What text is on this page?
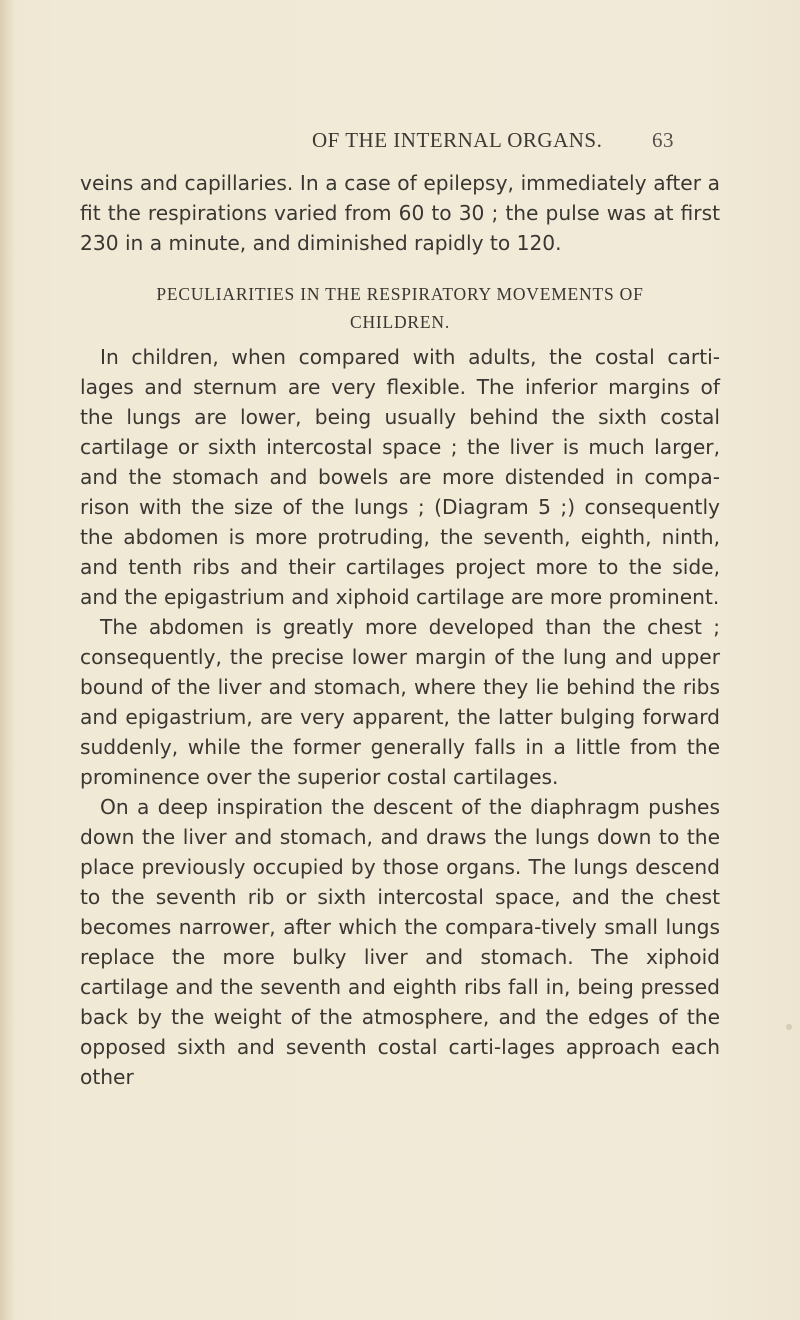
OF THE INTERNAL ORGANS. 63

veins and capillaries. In a case of epilepsy, immediately after a fit the respirations varied from 60 to 30 ; the pulse was at first 230 in a minute, and diminished rapidly to 120.

PECULIARITIES IN THE RESPIRATORY MOVEMENTS OF
CHILDREN.

In children, when compared with adults, the costal carti-lages and sternum are very flexible. The inferior margins of the lungs are lower, being usually behind the sixth costal cartilage or sixth intercostal space ; the liver is much larger, and the stomach and bowels are more distended in compa-rison with the size of the lungs ; (Diagram 5 ;) consequently the abdomen is more protruding, the seventh, eighth, ninth, and tenth ribs and their cartilages project more to the side, and the epigastrium and xiphoid cartilage are more prominent.

The abdomen is greatly more developed than the chest ; consequently, the precise lower margin of the lung and upper bound of the liver and stomach, where they lie behind the ribs and epigastrium, are very apparent, the latter bulging forward suddenly, while the former generally falls in a little from the prominence over the superior costal cartilages.

On a deep inspiration the descent of the diaphragm pushes down the liver and stomach, and draws the lungs down to the place previously occupied by those organs. The lungs descend to the seventh rib or sixth intercostal space, and the chest becomes narrower, after which the compara-tively small lungs replace the more bulky liver and stomach. The xiphoid cartilage and the seventh and eighth ribs fall in, being pressed back by the weight of the atmosphere, and the edges of the opposed sixth and seventh costal carti-lages approach each other
